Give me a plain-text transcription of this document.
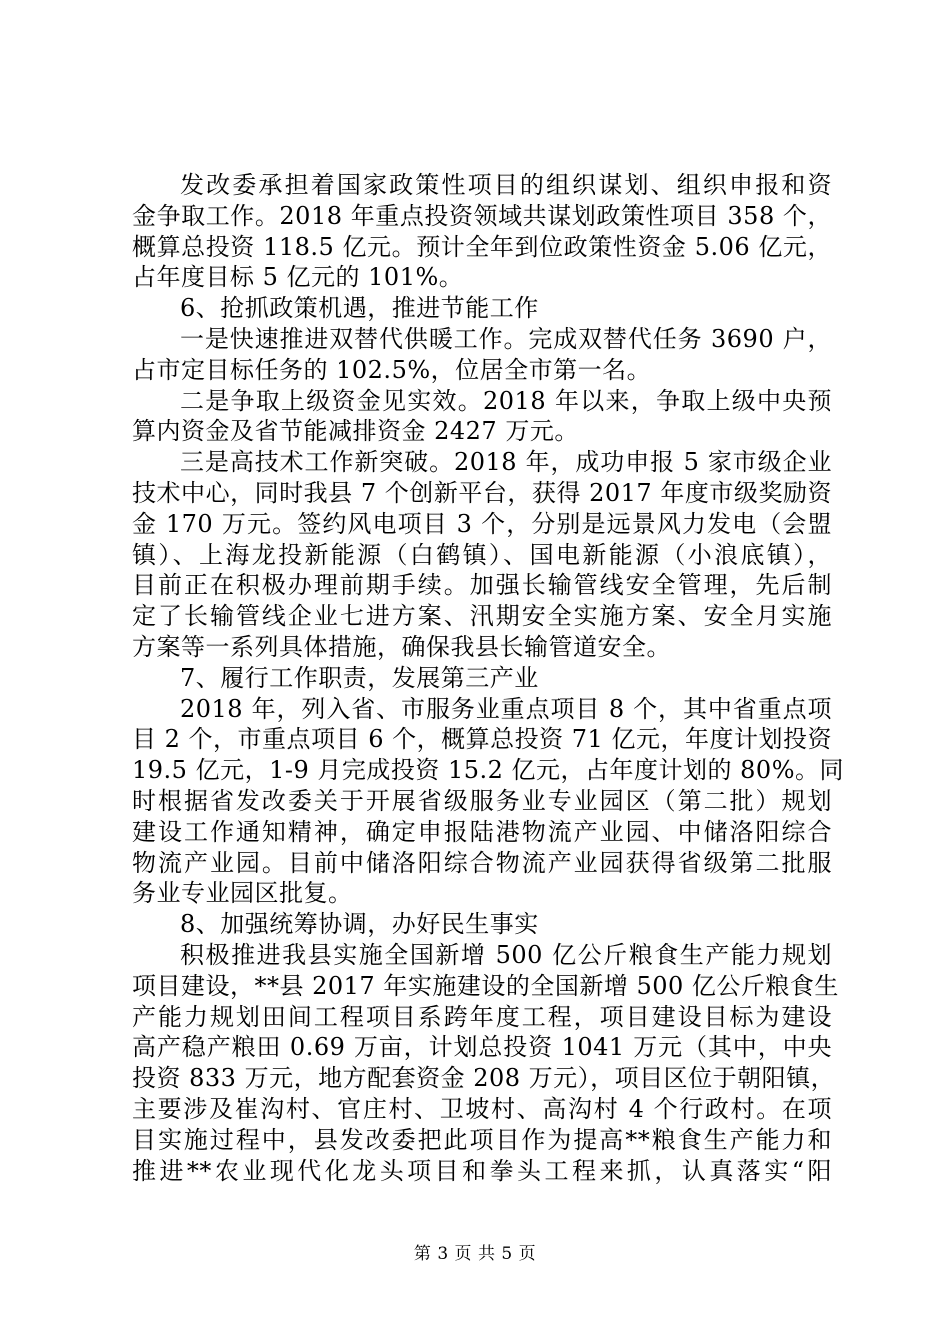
发改委承担着国家政策性项目的组织谋划、组织申报和资
金争取工作。2018 年重点投资领域共谋划政策性项目 358 个，
概算总投资 118.5 亿元。预计全年到位政策性资金 5.06 亿元，
占年度目标 5 亿元的 101%。
6、抢抓政策机遇，推进节能工作
一是快速推进双替代供暖工作。完成双替代任务 3690 户，
占市定目标任务的 102.5%，位居全市第一名。
二是争取上级资金见实效。2018 年以来，争取上级中央预
算内资金及省节能减排资金 2427 万元。
三是高技术工作新突破。2018 年，成功申报 5 家市级企业
技术中心，同时我县 7 个创新平台，获得 2017 年度市级奖励资
金 170 万元。签约风电项目 3 个，分别是远景风力发电（会盟
镇）、上海龙投新能源（白鹤镇）、国电新能源（小浪底镇），
目前正在积极办理前期手续。加强长输管线安全管理，先后制
定了长输管线企业七进方案、汛期安全实施方案、安全月实施
方案等一系列具体措施，确保我县长输管道安全。
7、履行工作职责，发展第三产业
2018 年，列入省、市服务业重点项目 8 个，其中省重点项
目 2 个，市重点项目 6 个，概算总投资 71 亿元，年度计划投资
19.5 亿元，1-9 月完成投资 15.2 亿元，占年度计划的 80%。同
时根据省发改委关于开展省级服务业专业园区（第二批）规划
建设工作通知精神，确定申报陆港物流产业园、中储洛阳综合
物流产业园。目前中储洛阳综合物流产业园获得省级第二批服
务业专业园区批复。
8、加强统筹协调，办好民生事实
积极推进我县实施全国新增 500 亿公斤粮食生产能力规划
项目建设，**县 2017 年实施建设的全国新增 500 亿公斤粮食生
产能力规划田间工程项目系跨年度工程，项目建设目标为建设
高产稳产粮田 0.69 万亩，计划总投资 1041 万元（其中，中央
投资 833 万元，地方配套资金 208 万元），项目区位于朝阳镇，
主要涉及崔沟村、官庄村、卫坡村、高沟村 4 个行政村。在项
目实施过程中，县发改委把此项目作为提高**粮食生产能力和
推进**农业现代化龙头项目和拳头工程来抓，认真落实“阳
第 3 页 共 5 页
